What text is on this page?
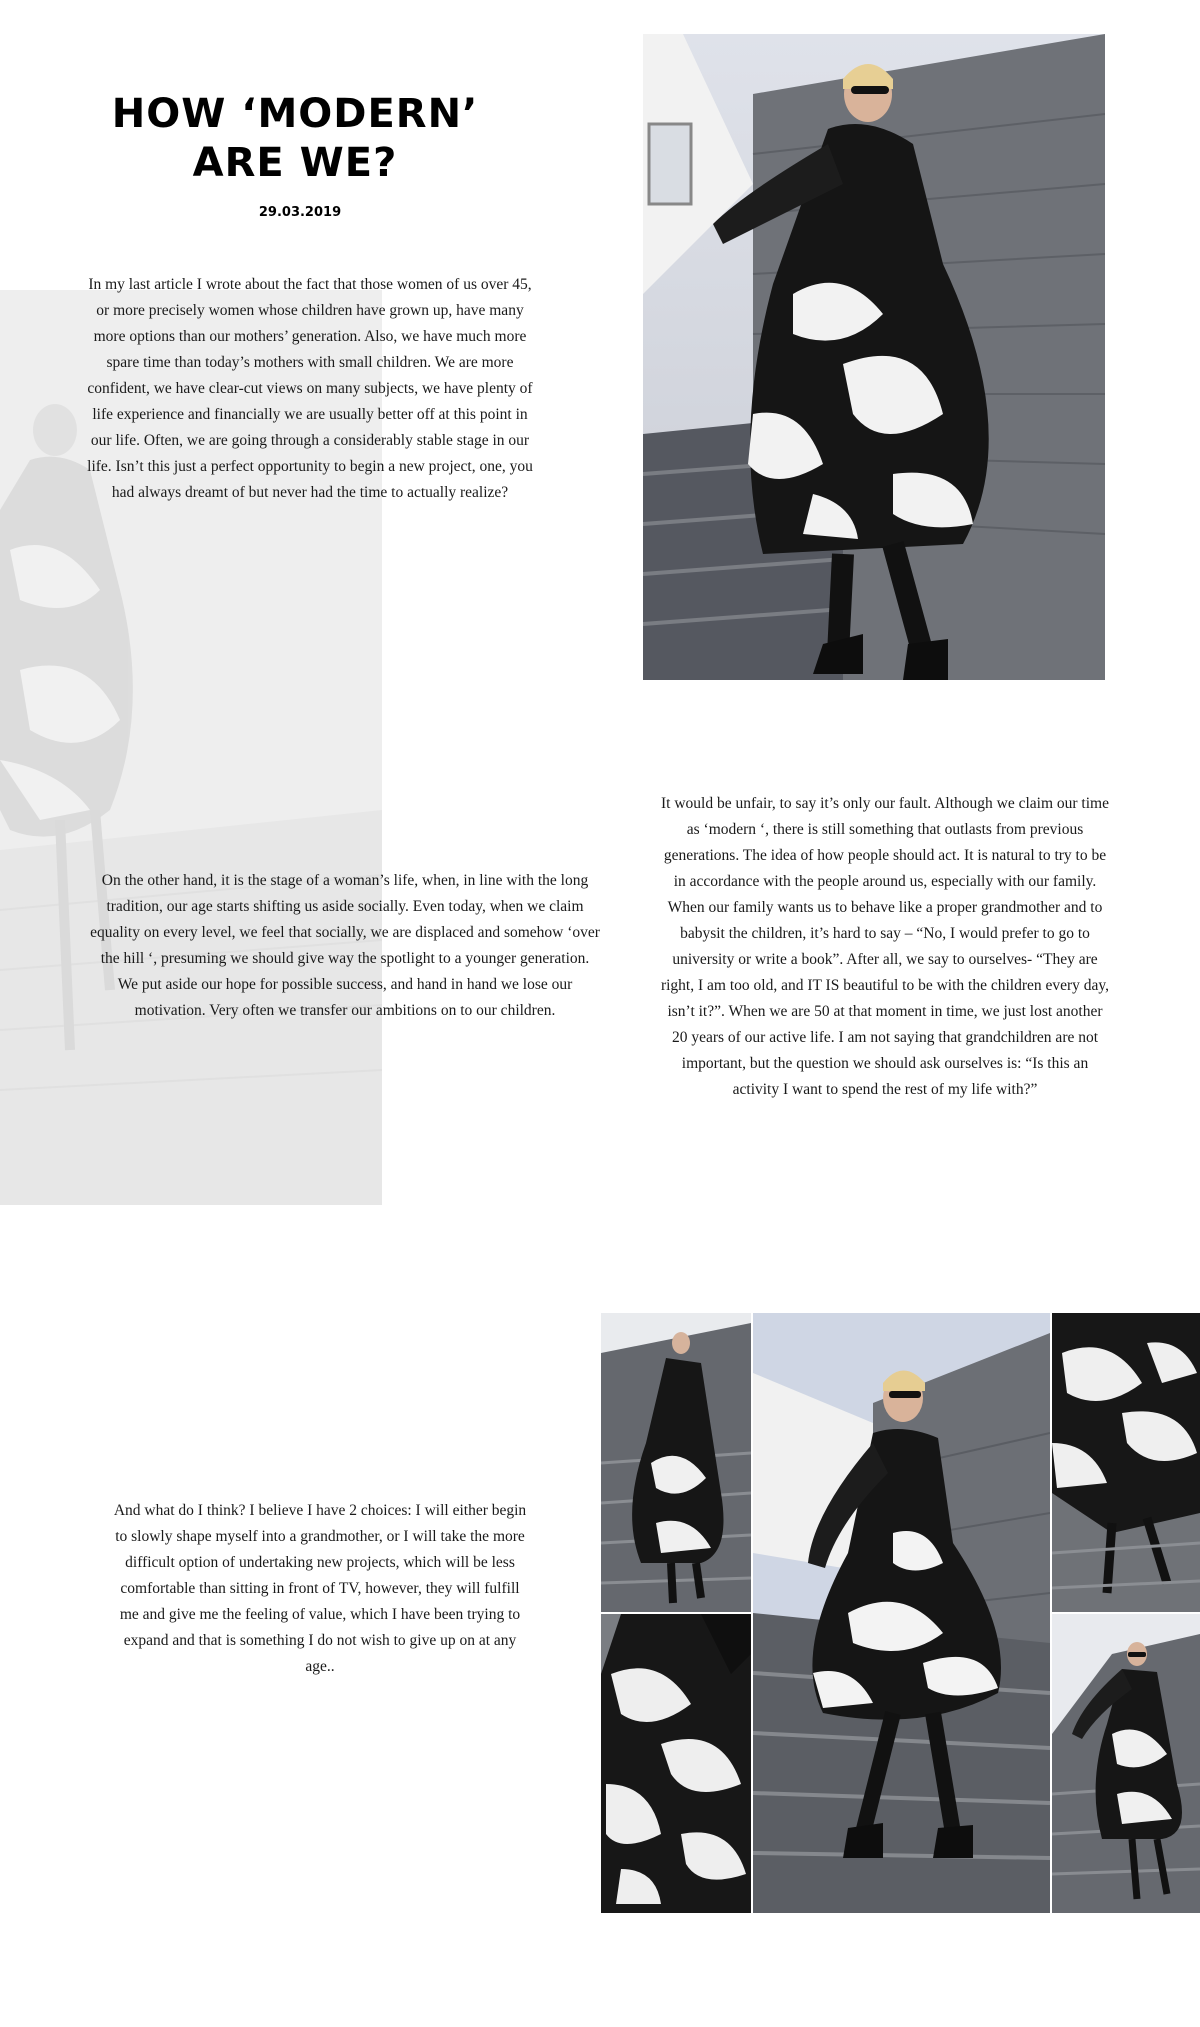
HOW ‘MODERN’
ARE WE?
29.03.2019
In my last article I wrote about the fact that those women of us over 45, or more precisely women whose children have grown up, have many more options than our mothers’ generation. Also, we have much more spare time than today’s mothers with small children. We are more confident, we have clear-cut views on many subjects, we have plenty of life experience and financially we are usually better off at this point in our life. Often, we are going through a considerably stable stage in our life. Isn’t this just a perfect opportunity to begin a new project, one, you had always dreamt of but never had the time to actually realize?
On the other hand, it is the stage of a woman’s life, when, in line with the long tradition, our age starts shifting us aside socially. Even today, when we claim equality on every level, we feel that socially, we are displaced and somehow ‘over the hill ‘, presuming we should give way the spotlight to a younger generation. We put aside our hope for possible success, and hand in hand we lose our motivation. Very often we transfer our ambitions on to our children.
It would be unfair, to say it’s only our fault. Although we claim our time as ‘modern ‘, there is still something that outlasts from previous generations. The idea of how people should act. It is natural to try to be in accordance with the people around us, especially with our family. When our family wants us to behave like a proper grandmother and to babysit the children, it’s hard to say – “No, I would prefer to go to university or write a book”. After all, we say to ourselves- “They are right, I am too old, and IT IS beautiful to be with the children every day, isn’t it?”. When we are 50 at that moment in time, we just lost another 20 years of our active life. I am not saying that grandchildren are not important, but the question we should ask ourselves is: “Is this an activity I want to spend the rest of my life with?”
And what do I think? I believe I have 2 choices: I will either begin to slowly shape myself into a grandmother, or I will take the more difficult option of undertaking new projects, which will be less comfortable than sitting in front of TV, however, they will fulfill me and give me the feeling of value, which I have been trying to expand and that is something I do not wish to give up on at any age..
